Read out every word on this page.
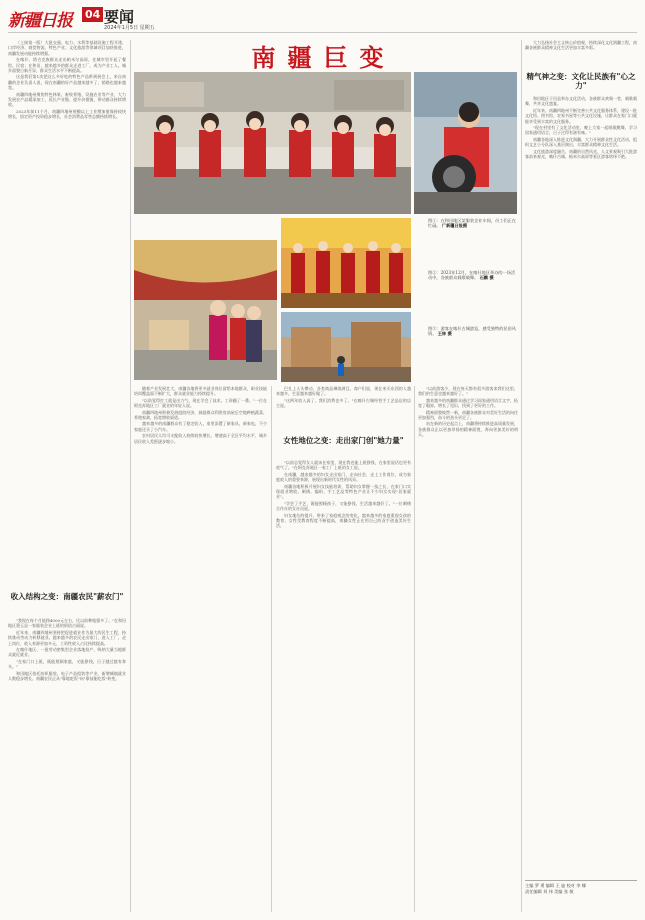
新疆日报 04 要闻
2024年1月5日 星期五
南疆巨变

（上接第一版）大批交通、电力、水利等基础设施工程开建，口岸经济、商贸物流、特色产业、文化旅游等领域项目加快推进，南疆发展动能持续增强。

在喀什，塔吉克族群众走出帕米尔高原，在城市里开起了餐馆、民宿；在和田，越来越多的群众走进工厂，成为产业工人。城乡面貌日新月异，群众生活水平不断提高。

这是我们第1次把这么多好吃的特色产品带到展会上，来自南疆的企业负责人说，现在南疆的好产品越来越多了，销路也越来越宽。

南疆四地州聚焦特色林果、畜牧养殖、设施农业等产业，大力发展农产品精深加工，延长产业链、提升价值链，带动群众持续增收。

2023年前11个月，南疆四地州规模以上工业增加值保持较快增长，固定资产投资稳步增长，社会消费品零售总额持续增长。

收入结构之变：南疆农民"薪农门"

"我现在每个月能挣4000元左右，比以前种地强多了。"在和田地区墨玉县一家服装企业上班的阿依古丽说。

近年来，南疆四地州坚持把促进就业作为最大的民生工程，持续推动劳动力转移就业。越来越多的农民走出家门，进入工厂、走上岗位，收入来源更加多元，工资性收入占比持续提高。

在喀什地区，一批劳动密集型企业落地投产，吸纳大量当地群众就近就业。

"在家门口上班，既能照顾家庭，又能挣钱，日子越过越有奔头。"

和田地区依托纺织服装、电子产品组装等产业，新增城镇就业人数稳步增长。南疆农民正从"靠地吃饭"向"靠技能吃饭"转变。

图①：在和田地区某服装企业车间，员工们正在忙碌。 广新疆日报摄
图②：2023年12月，在喀什地区举办的一场活动中，各族群众载歌载舞。 石鹏 摄
图③：游客在喀什古城游览，感受独特的民俗风情。 王林 摄

随着产业发展壮大，南疆各地将更多就业岗位留给本地群众，职业技能培训覆盖面不断扩大，群众就业能力持续提升。

"以前觉得打工就是出力气，现在学会了技术，工资翻了一番。"一位在阿克苏地区工厂就业的年轻人说。

南疆四地州积极发展庭院经济，鼓励群众利用房前屋后空地种植蔬菜、养殖家禽，拓宽增收渠道。

越来越多的南疆群众有了稳定收入，家里添置了新家具、新家电，不少家庭还买了小汽车。

农村居民人均可支配收入持续较快增长，增速高于全区平均水平，城乡居民收入差距逐步缩小。

巴扎上人头攒动，各类商品琳琅满目。商户们说，现在来买东西的人越来越多，生意越来越好做了。

"这两年收入高了，我们消费也多了。"在喀什古城经营手工艺品店的店主说。

女性地位之变：走出家门创"她力量"

"以前总觉得女人就该在家里，现在我也能上班挣钱，在家里说话也更有底气了。"在阿克苏地区一家工厂上班的女工说。

在南疆，越来越多的妇女走出家门，走向社会，走上工作岗位，成为家庭收入的重要来源，展现出新时代女性的风采。

南疆各地积极开展妇女技能培训，帮助妇女掌握一技之长，在家门口实现就业增收。刺绣、编织、手工艺品等特色产业让不少妇女实现"居家就业"。

"学会了手艺，既能照顾孩子，又能挣钱，生活越来越好了。"一位刺绣合作社的女社员说。

妇女地位的提升，带来了家庭观念的变化。越来越多的家庭重视女孩的教育，女性受教育程度不断提高，南疆女性正在用自己的双手创造美好生活。

"以前游客少，现在每天都有很多游客来我们这里，我们的生意也越来越好了。"

越来越多的南疆群众通过学习国家通用语言文字，拓宽了眼界，增长了见识，找到了更好的工作。

精神面貌焕然一新，南疆各族群众对美好生活的向往更加强烈，奋斗的劲头更足了。

站在新的历史起点上，南疆将持续推进高质量发展，各族群众正以更加昂扬的精神面貌，奔向更加美好的明天。

大力弘扬社会主义核心价值观，持续深化文化润疆工程，南疆各族群众精神文化生活更加丰富多彩。

精气神之变：文化让民族有"心之力"

和田地区于田县举办文化活动，各族群众欢聚一堂，载歌载舞，共享文化盛宴。

近年来，南疆四地州不断完善公共文化服务体系，建设一批文化馆、图书馆、农家书屋等公共文化设施，让群众在家门口就能享受到丰富的文化服务。

"现在村里有了文化活动室，晚上大家一起唱歌跳舞，学习国家通用语言，日子过得有滋有味。"

南疆各地深入推进文化润疆，大力开展群众性文化活动，组织文艺小分队深入基层演出，丰富群众精神文化生活。

文化旅游深度融合，南疆的自然风光、人文景观吸引大批游客前来观光，喀什古城、帕米尔高原等景区游客络绎不绝。

主编 罗 勇 编辑 王 迪 校对 李 娜
责任编辑 刘 伟 美编 张 敏
